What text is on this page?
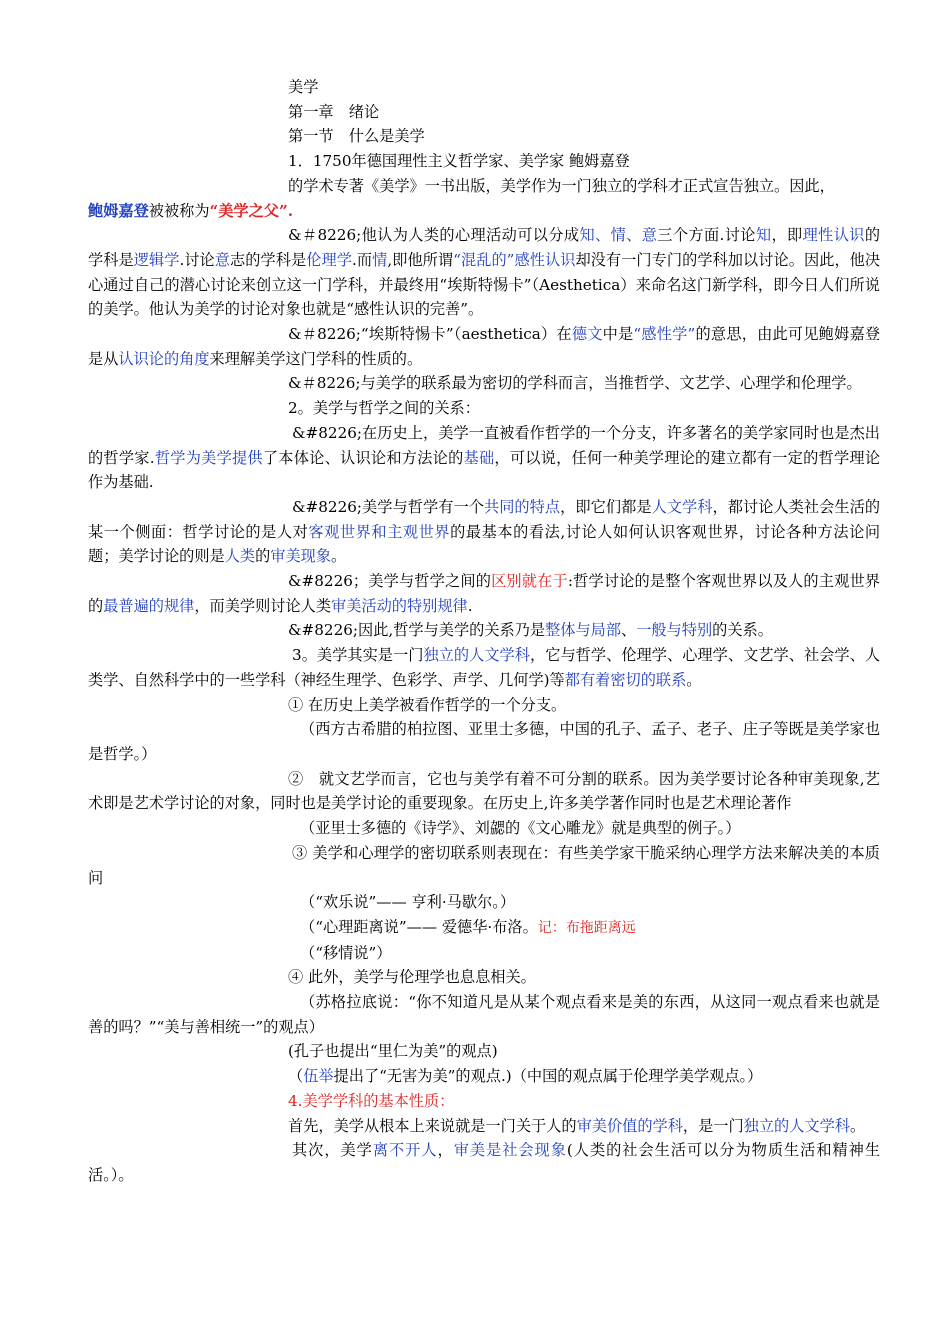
美学

第一章　绪论

第一节　什么是美学

1．1750年德国理性主义哲学家、美学家 鲍姆嘉登

的学术专著《美学》一书出版，美学作为一门独立的学科才正式宣告独立。因此，
鲍姆嘉登被被称为“美学之父”.

&＃8226;他认为人类的心理活动可以分成知、情、意三个方面.讨论知，即理性认识的学科是逻辑学.讨论意志的学科是伦理学.而情,即他所谓“混乱的”感性认识却没有一门专门的学科加以讨论。因此，他决心通过自己的潜心讨论来创立这一门学科，并最终用“埃斯特惕卡”（Aesthetica）来命名这门新学科，即今日人们所说的美学。他认为美学的讨论对象也就是“感性认识的完善”。

&＃8226;“埃斯特惕卡”（aesthetica）在德文中是“感性学”的意思，由此可见鲍姆嘉登是从认识论的角度来理解美学这门学科的性质的。

&＃8226;与美学的联系最为密切的学科而言，当推哲学、文艺学、心理学和伦理学。

2。美学与哲学之间的关系：

&#8226;在历史上，美学一直被看作哲学的一个分支，许多著名的美学家同时也是杰出的哲学家.哲学为美学提供了本体论、认识论和方法论的基础，可以说，任何一种美学理论的建立都有一定的哲学理论作为基础.

&#8226;美学与哲学有一个共同的特点，即它们都是人文学科，都讨论人类社会生活的某一个侧面：哲学讨论的是人对客观世界和主观世界的最基本的看法,讨论人如何认识客观世界，讨论各种方法论问题；美学讨论的则是人类的审美现象。

&#8226；美学与哲学之间的区别就在于:哲学讨论的是整个客观世界以及人的主观世界的最普遍的规律，而美学则讨论人类审美活动的特别规律.

&#8226;因此,哲学与美学的关系乃是整体与局部、一般与特别的关系。

3。美学其实是一门独立的人文学科，它与哲学、伦理学、心理学、文艺学、社会学、人类学、自然科学中的一些学科（神经生理学、色彩学、声学、几何学)等都有着密切的联系。

① 在历史上美学被看作哲学的一个分支。

（西方古希腊的柏拉图、亚里士多德，中国的孔子、孟子、老子、庄子等既是美学家也是哲学。）

②　就文艺学而言，它也与美学有着不可分割的联系。因为美学要讨论各种审美现象,艺术即是艺术学讨论的对象，同时也是美学讨论的重要现象。在历史上,许多美学著作同时也是艺术理论著作

（亚里士多德的《诗学》、刘勰的《文心雕龙》就是典型的例子。）

③ 美学和心理学的密切联系则表现在：有些美学家干脆采纳心理学方法来解决美的本质问

（“欢乐说”—— 亨利·马歇尔。）

（“心理距离说”—— 爱德华·布洛。记：布拖距离远

（“移情说”）

④ 此外，美学与伦理学也息息相关。

（苏格拉底说：“你不知道凡是从某个观点看来是美的东西，从这同一观点看来也就是善的吗？”“美与善相统一”的观点）

(孔子也提出“里仁为美”的观点)

（伍举提出了“无害为美”的观点.)（中国的观点属于伦理学美学观点。）

4.美学学科的基本性质：

首先，美学从根本上来说就是一门关于人的审美价值的学科，是一门独立的人文学科。

其次，美学离不开人，审美是社会现象(人类的社会生活可以分为物质生活和精神生活。）。
